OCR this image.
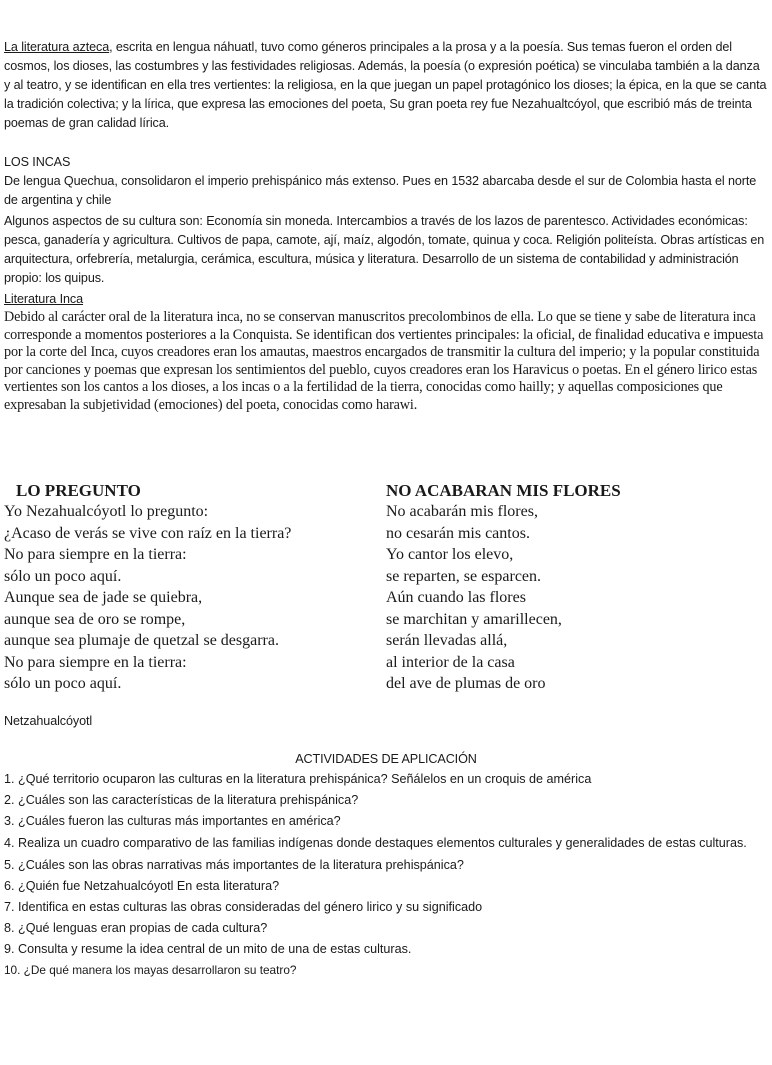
La literatura azteca, escrita en lengua náhuatl, tuvo como géneros principales a la prosa y a la poesía. Sus temas fueron el orden del cosmos, los dioses, las costumbres y las festividades religiosas. Además, la poesía (o expresión poética) se vinculaba también a la danza y al teatro, y se identifican en ella tres vertientes: la religiosa, en la que juegan un papel protagónico los dioses; la épica, en la que se canta la tradición colectiva; y la lírica, que expresa las emociones del poeta, Su gran poeta rey fue Nezahualtcóyol, que escribió más de treinta poemas de gran calidad lírica.

LOS INCAS

De lengua Quechua, consolidaron el imperio prehispánico más extenso. Pues en 1532 abarcaba desde el sur de Colombia hasta el norte de argentina y chile

Algunos aspectos de su cultura son: Economía sin moneda. Intercambios a través de los lazos de parentesco. Actividades económicas: pesca, ganadería y agricultura. Cultivos de papa, camote, ají, maíz, algodón, tomate, quinua y coca. Religión politeísta. Obras artísticas en arquitectura, orfebrería, metalurgia, cerámica, escultura, música y literatura. Desarrollo de un sistema de contabilidad y administración propio: los quipus.

Literatura Inca

Debido al carácter oral de la literatura inca, no se conservan manuscritos precolombinos de ella. Lo que se tiene y sabe de literatura inca corresponde a momentos posteriores a la Conquista. Se identifican dos vertientes principales: la oficial, de finalidad educativa e impuesta por la corte del Inca, cuyos creadores eran los amautas, maestros encargados de transmitir la cultura del imperio; y la popular constituida por canciones y poemas que expresan los sentimientos del pueblo, cuyos creadores eran los Haravicus o poetas. En el género lirico estas vertientes son los cantos a los dioses, a los incas o a la fertilidad de la tierra, conocidas como hailly; y aquellas composiciones que expresaban la subjetividad (emociones) del poeta, conocidas como harawi.

LO PREGUNTO

Yo Nezahualcóyotl lo pregunto:
¿Acaso de verás se vive con raíz en la tierra?
No para siempre en la tierra:
sólo un poco aquí.
Aunque sea de jade se quiebra,
aunque sea de oro se rompe,
aunque sea plumaje de quetzal se desgarra.
No para siempre en la tierra:
sólo un poco aquí.

NO ACABARAN MIS FLORES

No acabarán mis flores,
no cesarán mis cantos.
Yo cantor los elevo,
se reparten, se esparcen.
Aún cuando las flores
se marchitan y amarillecen,
serán llevadas allá,
al interior de la casa
del ave de plumas de oro

Netzahualcóyotl

ACTIVIDADES DE APLICACIÓN

1. ¿Qué territorio ocuparon las culturas en la literatura prehispánica? Señálelos en un croquis de américa
2. ¿Cuáles son las características de la literatura prehispánica?
3. ¿Cuáles fueron las culturas más importantes en américa?
4. Realiza un cuadro comparativo de las familias indígenas donde destaques elementos culturales y generalidades de estas culturas.
5. ¿Cuáles son las obras narrativas más importantes de la literatura prehispánica?
6. ¿Quién fue Netzahualcóyotl En esta literatura?
7. Identifica en estas culturas las obras consideradas del género lirico y su significado
8. ¿Qué lenguas eran propias de cada cultura?
9. Consulta y resume la idea central de un mito de una de estas culturas.
10. ¿De qué manera los mayas desarrollaron su teatro?
